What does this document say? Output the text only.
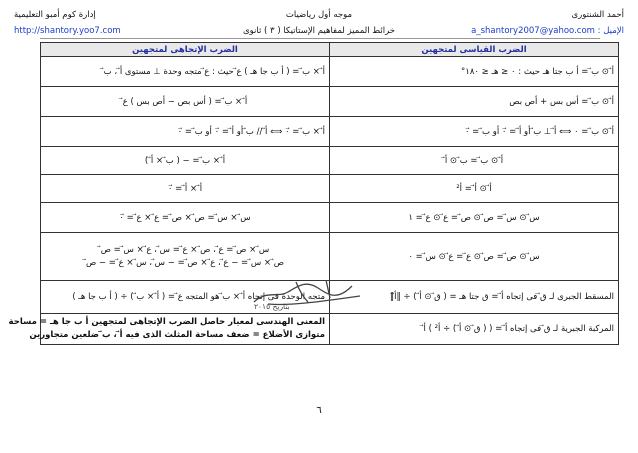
أحمد الشنتورى
موجه أول رياضيات
إدارة كوم أمبو التعليمية
الإميل : a_shantory2007@yahoo.com
خرائط المميز لمفاهيم الإستاتيكا ( ٣ ) ثانوى
http://shantory.yoo7.com
الضرب القياسى لمتجهين	الضرب الإتجاهى لمتجهين
أ⃗ ⊙ ب⃗ = أ ب جتا هـ حيث : ٠ ≤ هـ ≤ ١٨٠°	أ⃗ × ب⃗ = ( أ ب جا هـ ) ع⃗ حيث : ع⃗ متجه وحدة ⊥ مستوى أ⃗ ، ب⃗
أ⃗ ⊙ ب⃗ = أس بس + أص بص	أ⃗ × ب⃗ = ( أس بص − أص بس ) ع⃗
أ⃗ ⊙ ب⃗ = ٠ ⟺ أ⃗ ⊥ ب⃗ أو أ⃗ = ٠⃗ أو ب⃗ = ٠⃗	أ⃗ × ب⃗ = ٠⃗ ⟺ أ⃗ // ب⃗ أو أ⃗ = ٠⃗ أو ب⃗ = ٠⃗
أ⃗ ⊙ ب⃗ = ب⃗ ⊙ أ⃗	أ⃗ × ب⃗ = − ( ب⃗ × أ⃗ )
أ⃗ ⊙ أ⃗ = أ²	أ⃗ × أ⃗ = ٠⃗
س⃗ ⊙ س⃗ = ص⃗ ⊙ ص⃗ = ع⃗ ⊙ ع⃗ = ١	س⃗ × س⃗ = ص⃗ × ص⃗ = ع⃗ × ع⃗ = ٠⃗
س⃗ ⊙ ص⃗ = ص⃗ ⊙ ع⃗ = ع⃗ ⊙ س⃗ = ٠	س⃗ × ص⃗ = ع⃗ ، ص⃗ × ع⃗ = س⃗ ، ع⃗ × س⃗ = ص⃗
ص⃗ × س⃗ = − ع⃗ ، ع⃗ × ص⃗ = − س⃗ ، س⃗ × ع⃗ = − ص⃗

المسقط الجبرى لـ ق⃗ فى إتجاه أ⃗ = ق جتا هـ = ( ق⃗ ⊙ أ⃗ ) ÷ ‖أ⃗‖	متجه الوحدة فى إتجاه أ⃗ × ب⃗ هو المتجه ع⃗ = ( أ⃗ × ب⃗ ) ÷ ( أ ب جا هـ )
المركبة الجبرية لـ ق⃗ فى إتجاه أ⃗ = ( ( ق⃗ ⊙ أ⃗ ) ÷ أ² ) أ⃗	المعنى الهندسى لمعيار حاصل الضرب الإتجاهى لمتجهين أ ب جا هـ = مساحة
متوازى الأضلاع = ضعف مساحة المثلث الذى فيه أ⃗ ، ب⃗ ضلعين متجاورين
بتاريخ ٢٠١٥
٦
